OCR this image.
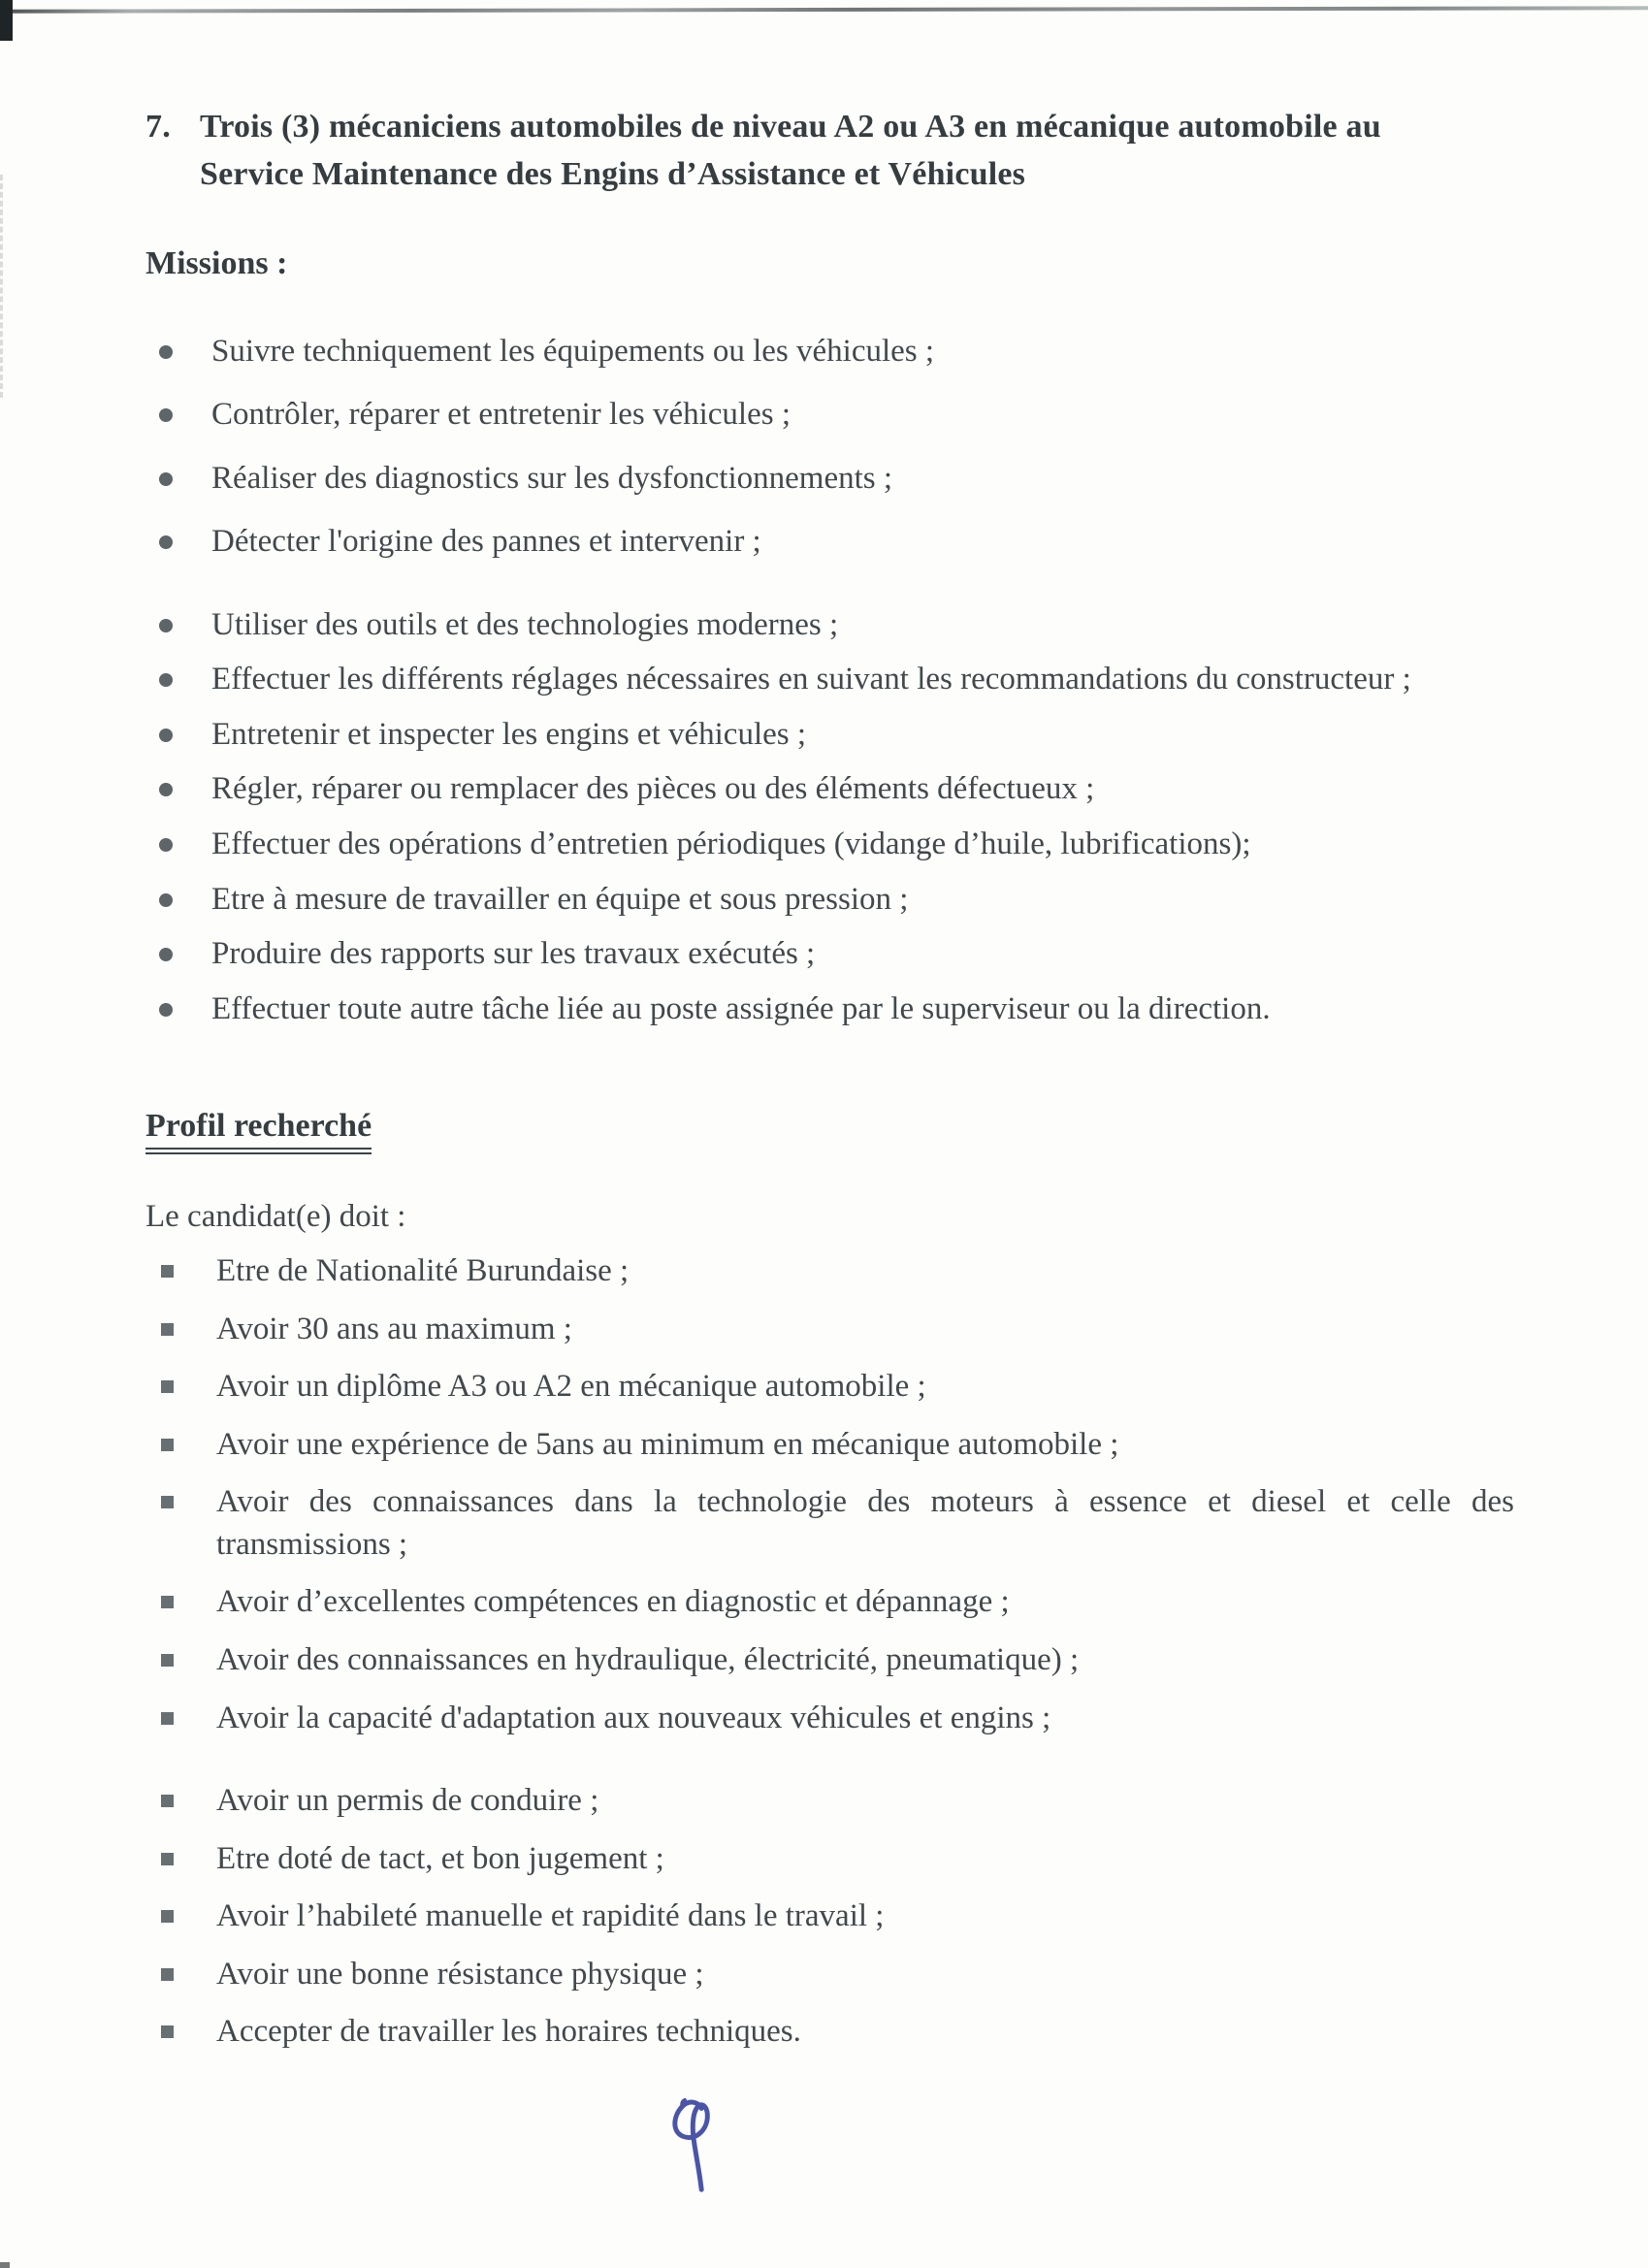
7. Trois (3) mécaniciens automobiles de niveau A2 ou A3 en mécanique automobile au Service Maintenance des Engins d’Assistance et Véhicules

Missions :

Suivre techniquement les équipements ou les véhicules ;
Contrôler, réparer et entretenir les véhicules ;
Réaliser des diagnostics sur les dysfonctionnements ;
Détecter l'origine des pannes et intervenir ;
Utiliser des outils et des technologies modernes ;
Effectuer les différents réglages nécessaires en suivant les recommandations du constructeur ;
Entretenir et inspecter les engins et véhicules ;
Régler, réparer ou remplacer des pièces ou des éléments défectueux ;
Effectuer des opérations d’entretien périodiques (vidange d’huile, lubrifications);
Etre à mesure de travailler en équipe et sous pression ;
Produire des rapports sur les travaux exécutés ;
Effectuer toute autre tâche liée au poste assignée par le superviseur ou la direction.

Profil recherché

Le candidat(e) doit :

Etre de Nationalité Burundaise ;
Avoir 30 ans au maximum ;
Avoir un diplôme A3 ou A2 en mécanique automobile ;
Avoir une expérience de 5ans au minimum en mécanique automobile ;
Avoir des connaissances dans la technologie des moteurs à essence et diesel et celle des transmissions ;
Avoir d’excellentes compétences en diagnostic et dépannage ;
Avoir des connaissances en hydraulique, électricité, pneumatique) ;
Avoir la capacité d'adaptation aux nouveaux véhicules et engins ;
Avoir un permis de conduire ;
Etre doté de tact, et bon jugement ;
Avoir l’habileté manuelle et rapidité dans le travail ;
Avoir une bonne résistance physique ;
Accepter de travailler les horaires techniques.
